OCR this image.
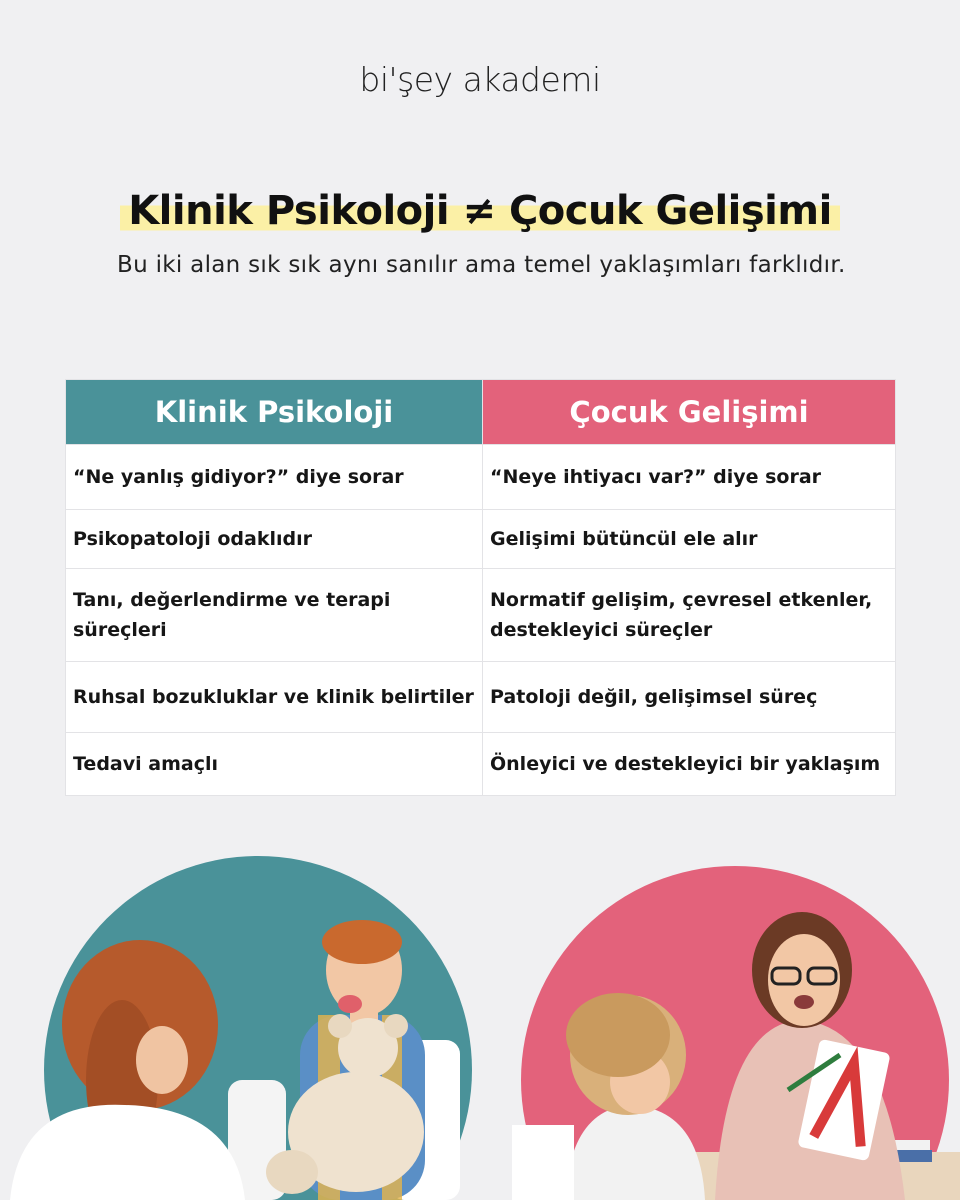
bi'şey akademi
Klinik Psikoloji ≠ Çocuk Gelişimi
Bu iki alan sık sık aynı sanılır ama temel yaklaşımları farklıdır.
Klinik Psikoloji	Çocuk Gelişimi
“Ne yanlış gidiyor?” diye sorar	“Neye ihtiyacı var?” diye sorar
Psikopatoloji odaklıdır	Gelişimi bütüncül ele alır
Tanı, değerlendirme ve terapi süreçleri	Normatif gelişim, çevresel etkenler, destekleyici süreçler
Ruhsal bozukluklar ve klinik belirtiler	Patoloji değil, gelişimsel süreç
Tedavi amaçlı	Önleyici ve destekleyici bir yaklaşım
